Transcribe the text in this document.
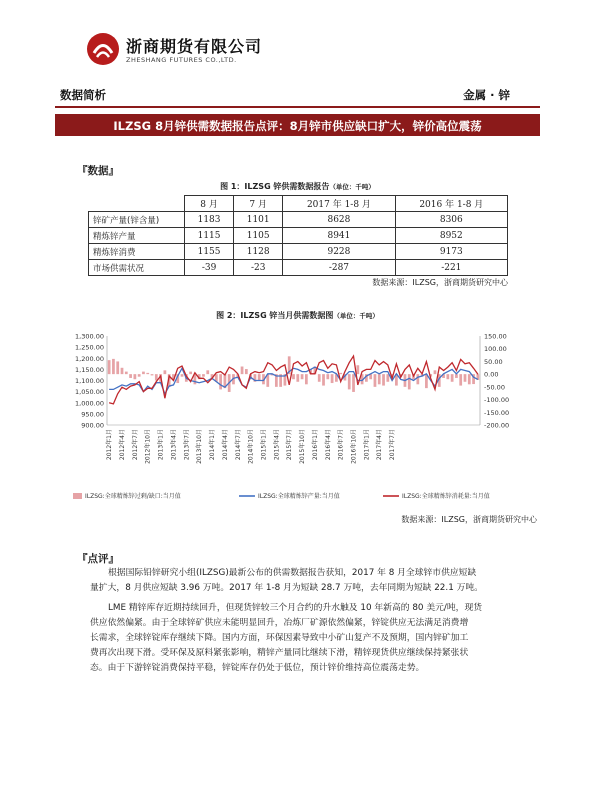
浙商期货有限公司
ZHESHANG FUTURES CO.,LTD.
数据简析	金属 · 锌
ILZSG 8月锌供需数据报告点评：8月锌市供应缺口扩大，锌价高位震荡
『数据』
图 1：ILZSG 锌供需数据报告（单位：千吨）
	8 月	7 月	2017 年 1-8 月	2016 年 1-8 月
锌矿产量(锌含量)	1183	1101	8628	8306
精炼锌产量	1115	1105	8941	8952
精炼锌消费	1155	1128	9228	9173
市场供需状况	-39	-23	-287	-221
数据来源：ILZSG，浙商期货研究中心
图 2：ILZSG 锌当月供需数据图（单位：千吨）
1,300.00
1,250.00
1,200.00
1,150.00
1,100.00
1,050.00
1,000.00
950.00
900.00
150.00
100.00
50.00
0.00
-50.00
-100.00
-150.00
-200.00
2012年1月 2012年4月 2012年7月 2012年10月 2013年1月 2013年4月 2013年7月 2013年10月 2014年1月 2014年4月 2014年7月 2014年10月 2015年1月 2015年4月 2015年7月 2015年10月 2016年1月 2016年4月 2016年7月 2016年10月 2017年1月 2017年4月 2017年7月
ILZSG:全球精炼锌过剩/缺口:当月值	ILZSG:全球精炼锌产量:当月值	ILZSG:全球精炼锌消耗量:当月值
数据来源：ILZSG，浙商期货研究中心
『点评』
根据国际铅锌研究小组(ILZSG)最新公布的供需数据报告获知，2017 年 8 月全球锌市供应短缺
量扩大，8 月供应短缺 3.96 万吨。2017 年 1-8 月为短缺 28.7 万吨，去年同期为短缺 22.1 万吨。
LME 精锌库存近期持续回升，但现货锌较三个月合约的升水触及 10 年新高的 80 美元/吨，现货
供应依然偏紧。由于全球锌矿供应未能明显回升，冶炼厂矿源依然偏紧，锌锭供应无法满足消费增
长需求，全球锌锭库存继续下降。国内方面，环保因素导致中小矿山复产不及预期，国内锌矿加工
费再次出现下滑。受环保及原料紧张影响，精锌产量同比继续下滑，精锌现货供应继续保持紧张状
态。由于下游锌锭消费保持平稳，锌锭库存仍处于低位，预计锌价维持高位震荡走势。
